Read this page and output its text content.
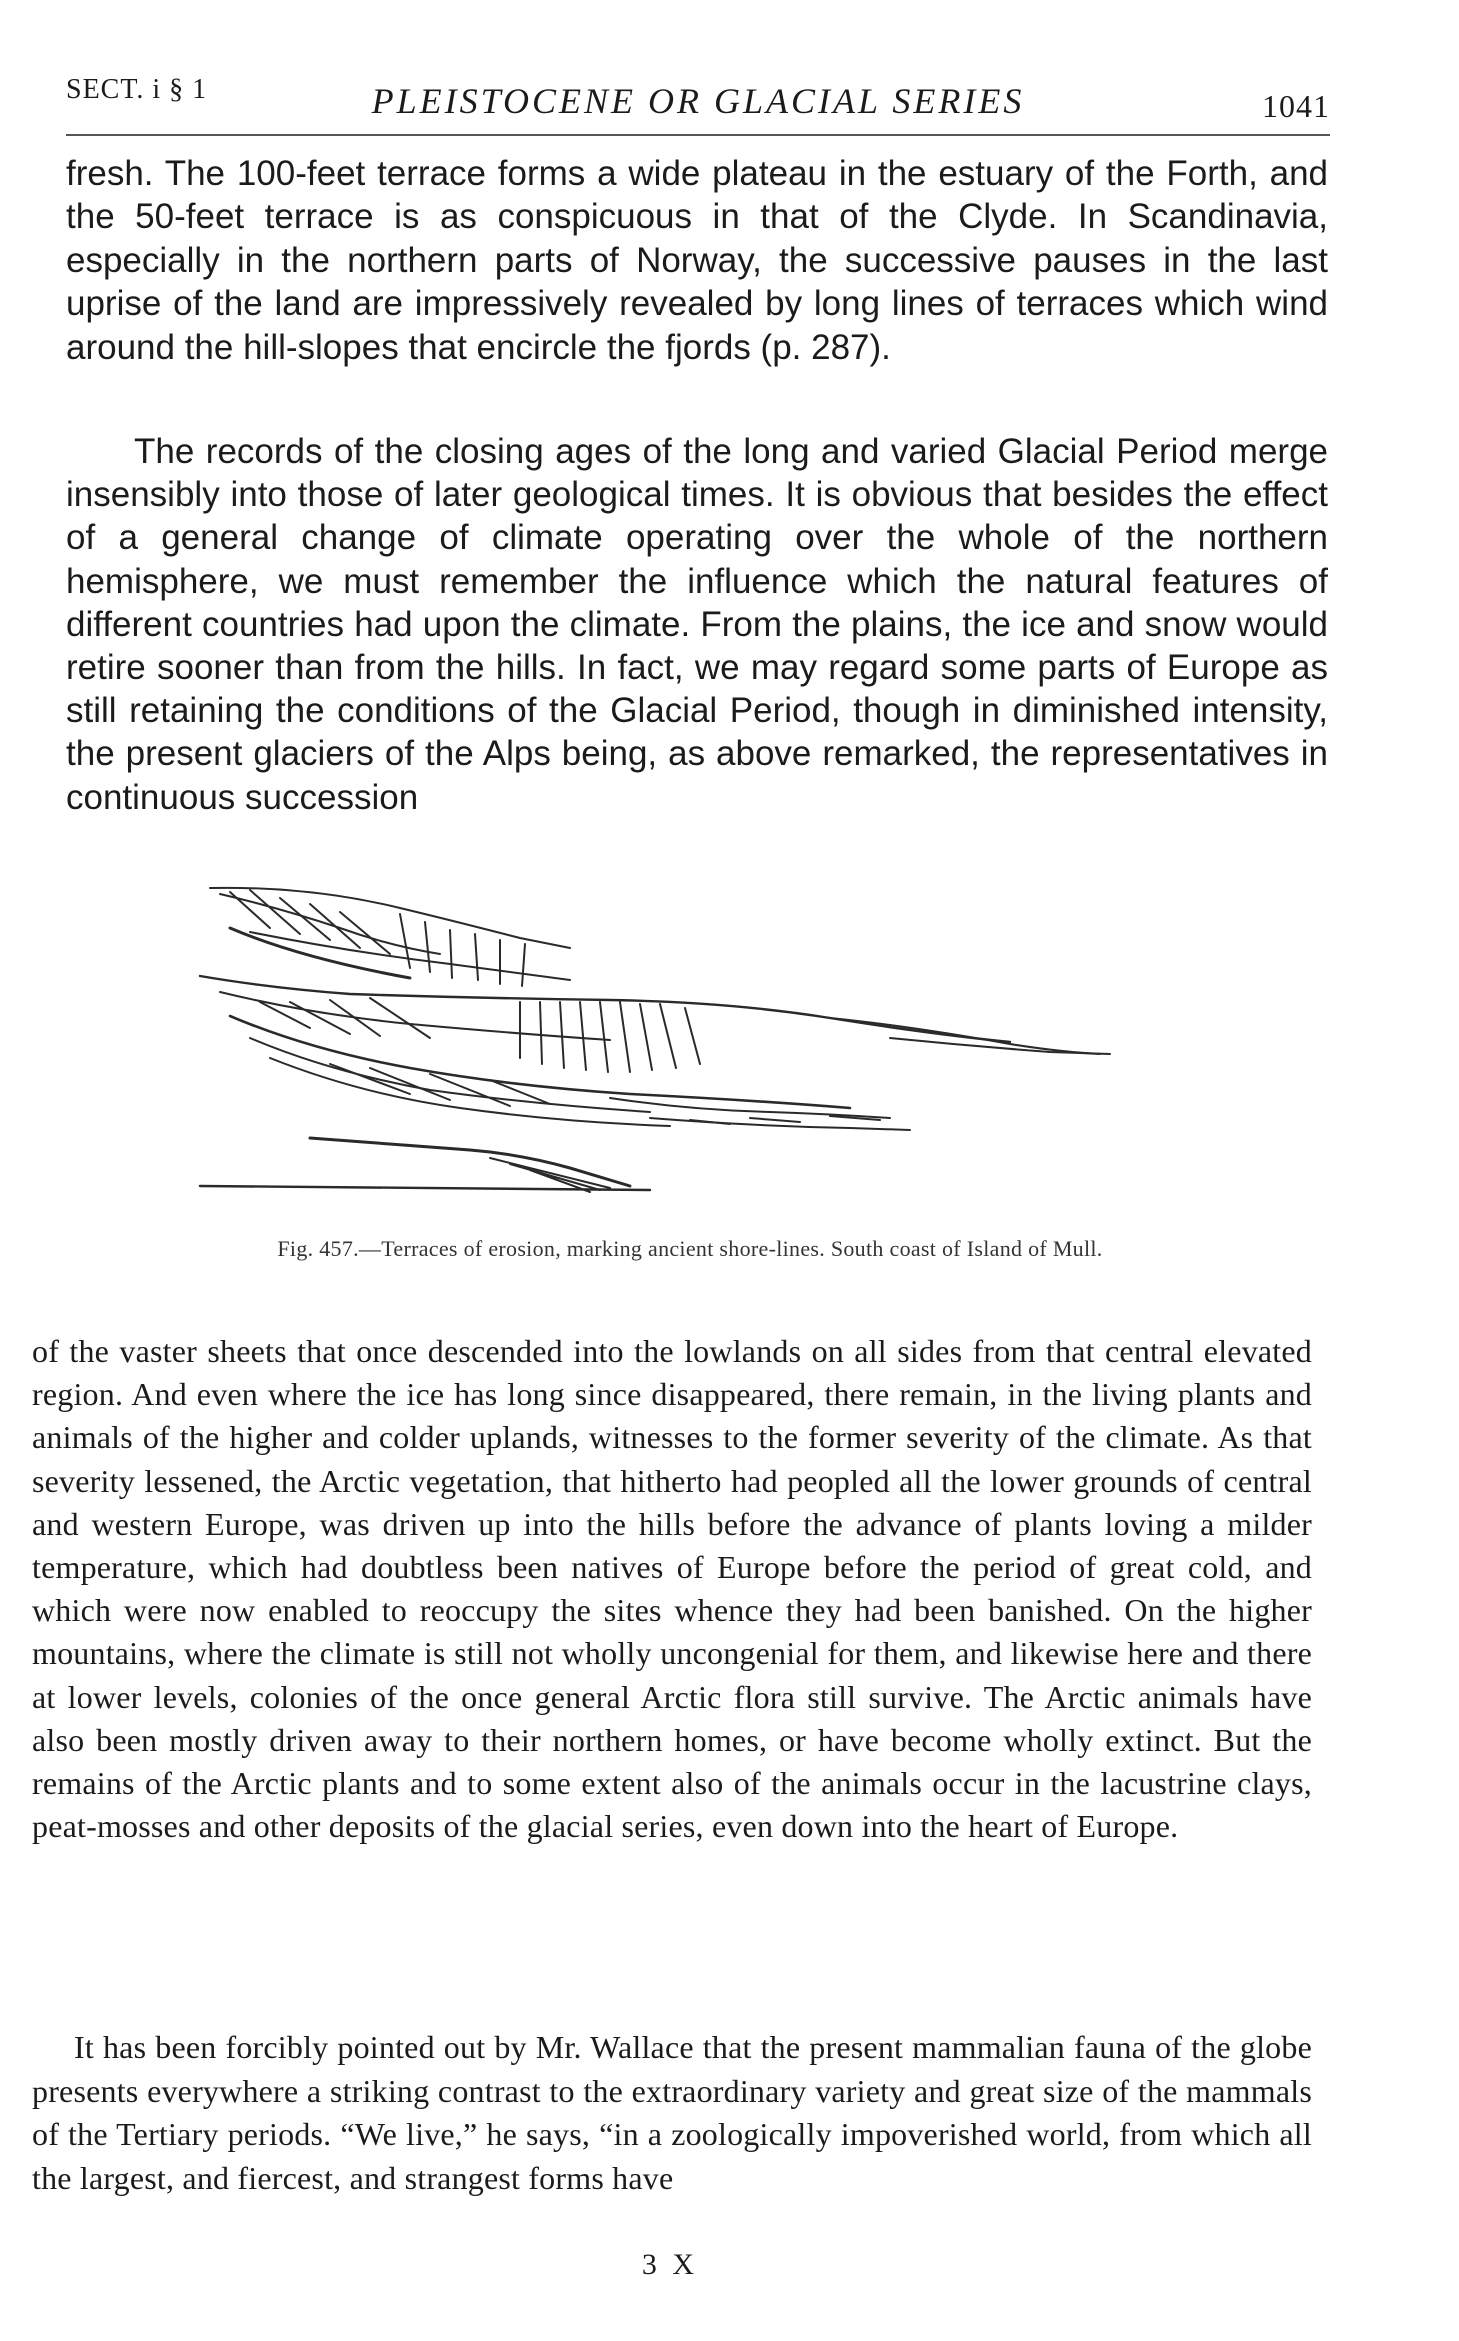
SECT. i § 1	PLEISTOCENE OR GLACIAL SERIES	1041

fresh. The 100-feet terrace forms a wide plateau in the estuary of the Forth, and the 50-feet terrace is as conspicuous in that of the Clyde. In Scandinavia, especially in the northern parts of Norway, the successive pauses in the last uprise of the land are impressively revealed by long lines of terraces which wind around the hill-slopes that encircle the fjords (p. 287).

The records of the closing ages of the long and varied Glacial Period merge insensibly into those of later geological times. It is obvious that besides the effect of a general change of climate operating over the whole of the northern hemisphere, we must remember the influence which the natural features of different countries had upon the climate. From the plains, the ice and snow would retire sooner than from the hills. In fact, we may regard some parts of Europe as still retaining the conditions of the Glacial Period, though in diminished intensity, the present glaciers of the Alps being, as above remarked, the representatives in continuous succession

Fig. 457.—Terraces of erosion, marking ancient shore-lines. South coast of Island of Mull.

of the vaster sheets that once descended into the lowlands on all sides from that central elevated region. And even where the ice has long since disappeared, there remain, in the living plants and animals of the higher and colder uplands, witnesses to the former severity of the climate. As that severity lessened, the Arctic vegetation, that hitherto had peopled all the lower grounds of central and western Europe, was driven up into the hills before the advance of plants loving a milder temperature, which had doubtless been natives of Europe before the period of great cold, and which were now enabled to reoccupy the sites whence they had been banished. On the higher mountains, where the climate is still not wholly uncongenial for them, and likewise here and there at lower levels, colonies of the once general Arctic flora still survive. The Arctic animals have also been mostly driven away to their northern homes, or have become wholly extinct. But the remains of the Arctic plants and to some extent also of the animals occur in the lacustrine clays, peat-mosses and other deposits of the glacial series, even down into the heart of Europe.

It has been forcibly pointed out by Mr. Wallace that the present mammalian fauna of the globe presents everywhere a striking contrast to the extraordinary variety and great size of the mammals of the Tertiary periods. “We live,” he says, “in a zoologically impoverished world, from which all the largest, and fiercest, and strangest forms have

3 X
